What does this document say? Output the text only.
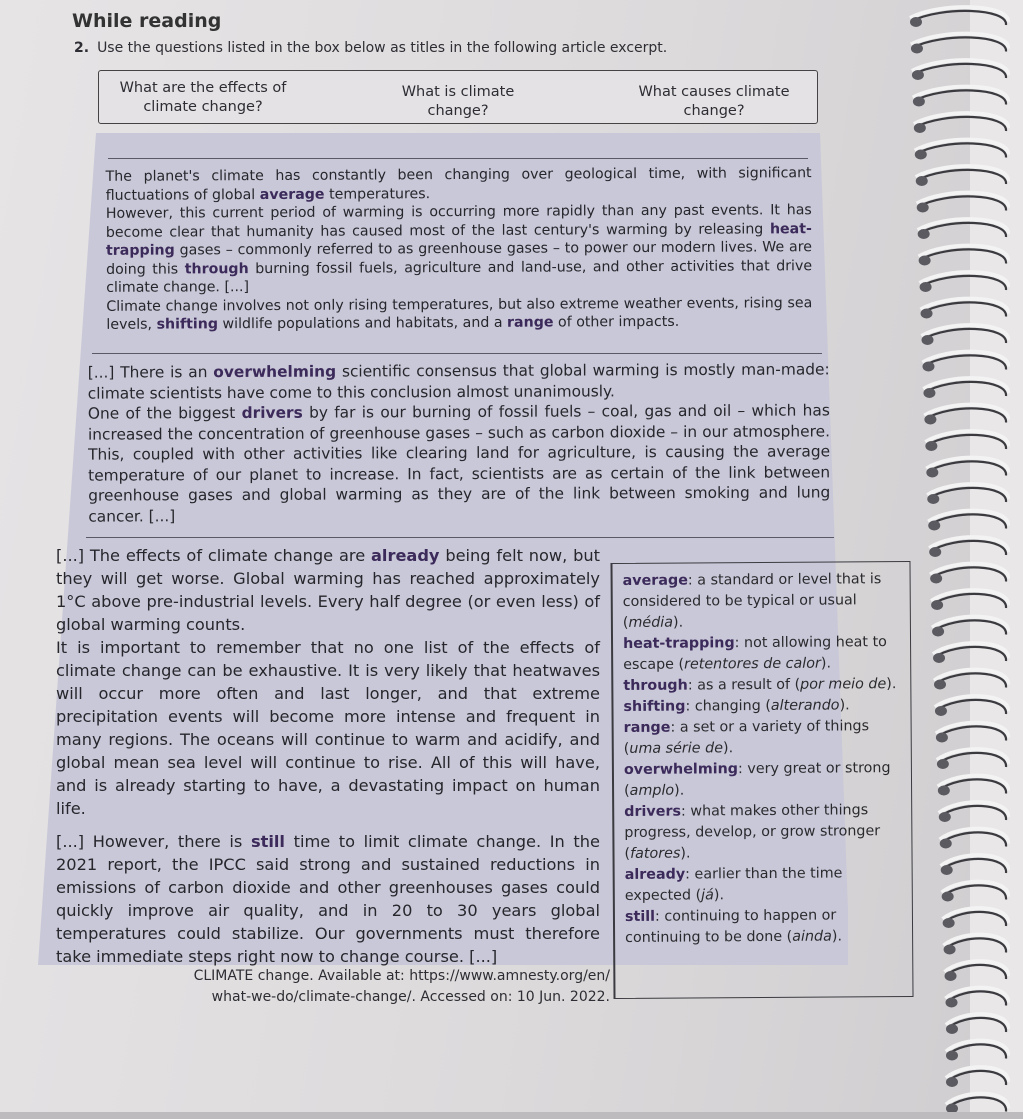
While reading
2. Use the questions listed in the box below as titles in the following article excerpt.
What are the effects of
climate change?
What is climate
change?
What causes climate
change?
The planet's climate has constantly been changing over geological time, with significant fluctuations of global average temperatures.
However, this current period of warming is occurring more rapidly than any past events. It has become clear that humanity has caused most of the last century's warming by releasing heat-trapping gases – commonly referred to as greenhouse gases – to power our modern lives. We are doing this through burning fossil fuels, agriculture and land-use, and other activities that drive climate change. [...]
Climate change involves not only rising temperatures, but also extreme weather events, rising sea levels, shifting wildlife populations and habitats, and a range of other impacts.
[...] There is an overwhelming scientific consensus that global warming is mostly man-made: climate scientists have come to this conclusion almost unanimously.
One of the biggest drivers by far is our burning of fossil fuels – coal, gas and oil – which has increased the concentration of greenhouse gases – such as carbon dioxide – in our atmosphere. This, coupled with other activities like clearing land for agriculture, is causing the average temperature of our planet to increase. In fact, scientists are as certain of the link between greenhouse gases and global warming as they are of the link between smoking and lung cancer. [...]

[...] The effects of climate change are already being felt now, but they will get worse. Global warming has reached approximately 1°C above pre-industrial levels. Every half degree (or even less) of global warming counts.

It is important to remember that no one list of the effects of climate change can be exhaustive. It is very likely that heatwaves will occur more often and last longer, and that extreme precipitation events will become more intense and frequent in many regions. The oceans will continue to warm and acidify, and global mean sea level will continue to rise. All of this will have, and is already starting to have, a devastating impact on human life.

[...] However, there is still time to limit climate change. In the 2021 report, the IPCC said strong and sustained reductions in emissions of carbon dioxide and other greenhouses gases could quickly improve air quality, and in 20 to 30 years global temperatures could stabilize. Our governments must therefore take immediate steps right now to change course. [...]

average: a standard or level that is considered to be typical or usual (média).
heat-trapping: not allowing heat to escape (retentores de calor).
through: as a result of (por meio de).
shifting: changing (alterando).
range: a set or a variety of things (uma série de).
overwhelming: very great or strong (amplo).
drivers: what makes other things progress, develop, or grow stronger (fatores).
already: earlier than the time expected (já).
still: continuing to happen or continuing to be done (ainda).
CLIMATE change. Available at: https://www.amnesty.org/en/
what-we-do/climate-change/. Accessed on: 10 Jun. 2022.
